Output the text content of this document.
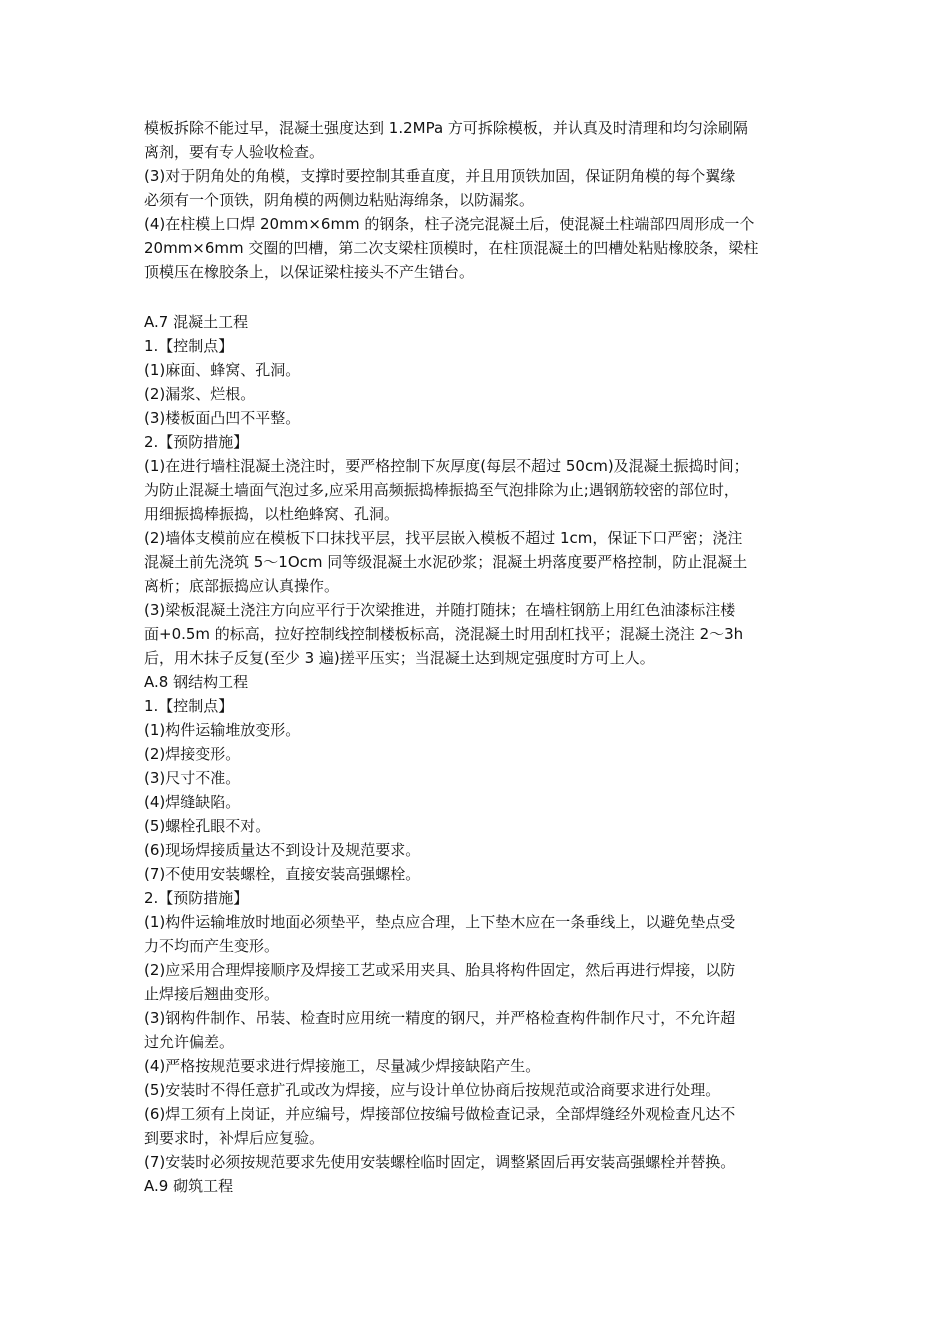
模板拆除不能过早，混凝土强度达到 1.2MPa 方可拆除模板，并认真及时清理和均匀涂刷隔
离剂，要有专人验收检查。
(3)对于阴角处的角模，支撑时要控制其垂直度，并且用顶铁加固，保证阴角模的每个翼缘
必须有一个顶铁，阴角模的两侧边粘贴海绵条，以防漏浆。
(4)在柱模上口焊 20mm×6mm 的钢条，柱子浇完混凝土后，使混凝土柱端部四周形成一个
20mm×6mm 交圈的凹槽，第二次支梁柱顶模时，在柱顶混凝土的凹槽处粘贴橡胶条，梁柱
顶模压在橡胶条上，以保证梁柱接头不产生错台。
A.7 混凝土工程
1.【控制点】
(1)麻面、蜂窝、孔洞。
(2)漏浆、烂根。
(3)楼板面凸凹不平整。
2.【预防措施】
(1)在进行墙柱混凝土浇注时，要严格控制下灰厚度(每层不超过 50cm)及混凝土振捣时间；
为防止混凝土墙面气泡过多,应采用高频振捣棒振捣至气泡排除为止;遇钢筋较密的部位时，
用细振捣棒振捣，以杜绝蜂窝、孔洞。
(2)墙体支模前应在模板下口抹找平层，找平层嵌入模板不超过 1cm，保证下口严密；浇注
混凝土前先浇筑 5～1Ocm 同等级混凝土水泥砂浆；混凝土坍落度要严格控制，防止混凝土
离析；底部振捣应认真操作。
(3)梁板混凝土浇注方向应平行于次梁推进，并随打随抹；在墙柱钢筋上用红色油漆标注楼
面+0.5m 的标高，拉好控制线控制楼板标高，浇混凝土时用刮杠找平；混凝土浇注 2～3h
后，用木抹子反复(至少 3 遍)搓平压实；当混凝土达到规定强度时方可上人。
A.8 钢结构工程
1.【控制点】
(1)构件运输堆放变形。
(2)焊接变形。
(3)尺寸不准。
(4)焊缝缺陷。
(5)螺栓孔眼不对。
(6)现场焊接质量达不到设计及规范要求。
(7)不使用安装螺栓，直接安装高强螺栓。
2.【预防措施】
(1)构件运输堆放时地面必须垫平，垫点应合理，上下垫木应在一条垂线上，以避免垫点受
力不均而产生变形。
(2)应采用合理焊接顺序及焊接工艺或采用夹具、胎具将构件固定，然后再进行焊接，以防
止焊接后翘曲变形。
(3)钢构件制作、吊装、检查时应用统一精度的钢尺，并严格检查构件制作尺寸，不允许超
过允许偏差。
(4)严格按规范要求进行焊接施工，尽量减少焊接缺陷产生。
(5)安装时不得任意扩孔或改为焊接，应与设计单位协商后按规范或洽商要求进行处理。
(6)焊工须有上岗证，并应编号，焊接部位按编号做检查记录，全部焊缝经外观检查凡达不
到要求时，补焊后应复验。
(7)安装时必须按规范要求先使用安装螺栓临时固定，调整紧固后再安装高强螺栓并替换。
A.9 砌筑工程
